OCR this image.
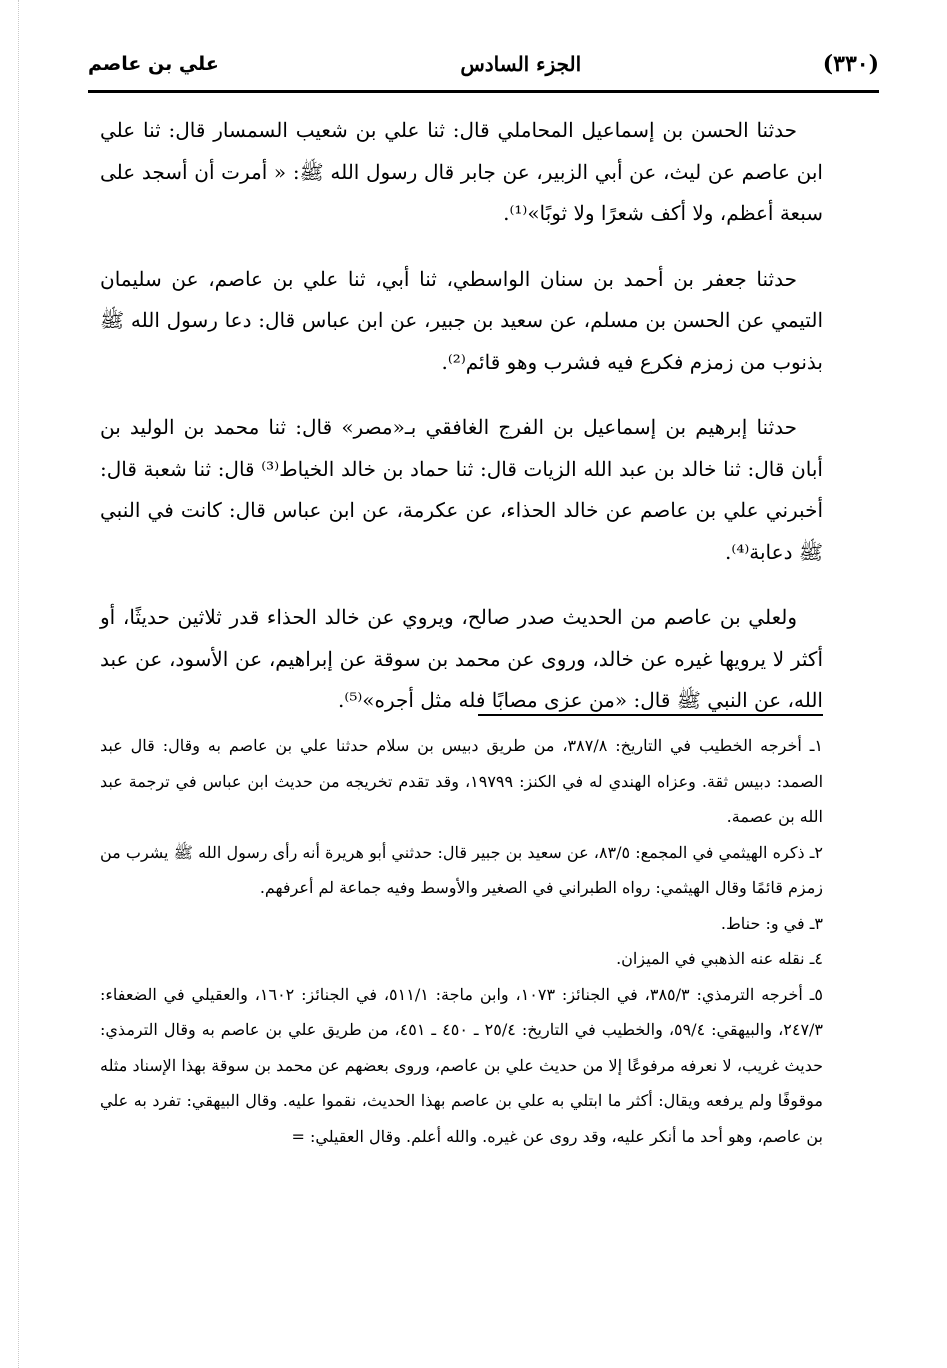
(٣٣٠)
الجزء السادس
علي بن عاصم

حدثنا الحسن بن إسماعيل المحاملي قال: ثنا علي بن شعيب السمسار قال: ثنا علي ابن عاصم عن ليث، عن أبي الزبير، عن جابر قال رسول الله ﷺ: « أمرت أن أسجد على سبعة أعظم، ولا أكف شعرًا ولا ثوبًا»⁽¹⁾.

حدثنا جعفر بن أحمد بن سنان الواسطي، ثنا أبي، ثنا علي بن عاصم، عن سليمان التيمي عن الحسن بن مسلم، عن سعيد بن جبير، عن ابن عباس قال: دعا رسول الله ﷺ بذنوب من زمزم فكرع فيه فشرب وهو قائم⁽²⁾.

حدثنا إبرهيم بن إسماعيل بن الفرج الغافقي بـ«مصر» قال: ثنا محمد بن الوليد بن أبان قال: ثنا خالد بن عبد الله الزيات قال: ثنا حماد بن خالد الخياط⁽³⁾ قال: ثنا شعبة قال: أخبرني علي بن عاصم عن خالد الحذاء، عن عكرمة، عن ابن عباس قال: كانت في النبي ﷺ دعابة⁽⁴⁾.

ولعلي بن عاصم من الحديث صدر صالح، ويروي عن خالد الحذاء قدر ثلاثين حديثًا، أو أكثر لا يرويها غيره عن خالد، وروى عن محمد بن سوقة عن إبراهيم، عن الأسود، عن عبد الله، عن النبي ﷺ قال: «من عزى مصابًا فله مثل أجره»⁽⁵⁾.

١ـ أخرجه الخطيب في التاريخ: ٣٨٧/٨، من طريق دبيس بن سلام حدثنا علي بن عاصم به وقال: قال عبد الصمد: دبيس ثقة. وعزاه الهندي له في الكنز: ١٩٧٩٩، وقد تقدم تخريجه من حديث ابن عباس في ترجمة عبد الله بن عصمة.

٢ـ ذكره الهيثمي في المجمع: ٨٣/٥، عن سعيد بن جبير قال: حدثني أبو هريرة أنه رأى رسول الله ﷺ يشرب من زمزم قائمًا وقال الهيثمي: رواه الطبراني في الصغير والأوسط وفيه جماعة لم أعرفهم.

٣ـ في و: حناط.

٤ـ نقله عنه الذهبي في الميزان.

٥ـ أخرجه الترمذي: ٣٨٥/٣، في الجنائز: ١٠٧٣، وابن ماجة: ٥١١/١، في الجنائز: ١٦٠٢، والعقيلي في الضعفاء: ٢٤٧/٣، والبيهقي: ٥٩/٤، والخطيب في التاريخ: ٢٥/٤ ـ ٤٥٠ ـ ٤٥١، من طريق علي بن عاصم به وقال الترمذي: حديث غريب، لا نعرفه مرفوعًا إلا من حديث علي بن عاصم، وروى بعضهم عن محمد بن سوقة بهذا الإسناد مثله موقوفًا ولم يرفعه ويقال: أكثر ما ابتلي به علي بن عاصم بهذا الحديث، نقموا عليه. وقال البيهقي: تفرد به علي بن عاصم، وهو أحد ما أنكر عليه، وقد روى عن غيره. والله أعلم. وقال العقيلي: =
